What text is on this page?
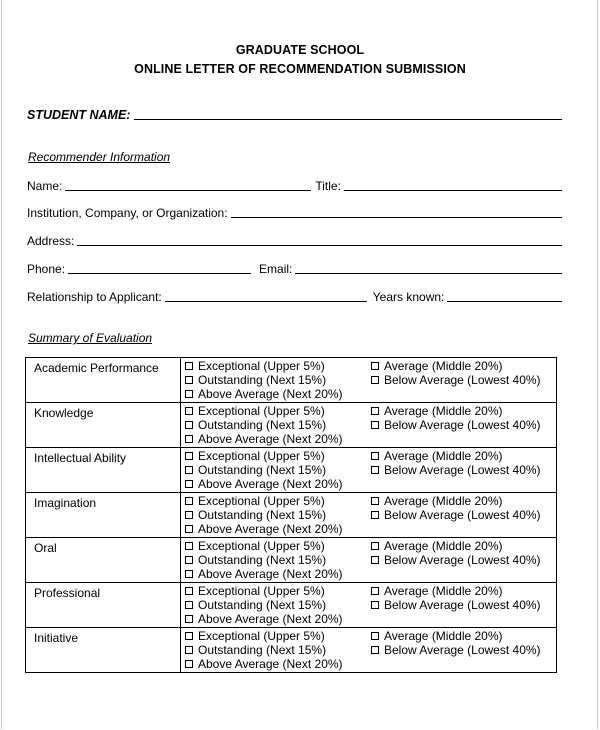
GRADUATE SCHOOL
ONLINE LETTER OF RECOMMENDATION SUBMISSION
STUDENT NAME:
Recommender Information
Name:	Title:
Institution, Company, or Organization:
Address:
Phone:	Email:
Relationship to Applicant:	Years known:
Summary of Evaluation
Academic Performance	Exceptional (Upper 5%)
Outstanding (Next 15%)
Above Average (Next 20%)
Average (Middle 20%)
Below Average (Lowest 40%)

Knowledge	Exceptional (Upper 5%)
Outstanding (Next 15%)
Above Average (Next 20%)
Average (Middle 20%)
Below Average (Lowest 40%)

Intellectual Ability	Exceptional (Upper 5%)
Outstanding (Next 15%)
Above Average (Next 20%)
Average (Middle 20%)
Below Average (Lowest 40%)

Imagination	Exceptional (Upper 5%)
Outstanding (Next 15%)
Above Average (Next 20%)
Average (Middle 20%)
Below Average (Lowest 40%)

Oral	Exceptional (Upper 5%)
Outstanding (Next 15%)
Above Average (Next 20%)
Average (Middle 20%)
Below Average (Lowest 40%)

Professional	Exceptional (Upper 5%)
Outstanding (Next 15%)
Above Average (Next 20%)
Average (Middle 20%)
Below Average (Lowest 40%)

Initiative	Exceptional (Upper 5%)
Outstanding (Next 15%)
Above Average (Next 20%)
Average (Middle 20%)
Below Average (Lowest 40%)
